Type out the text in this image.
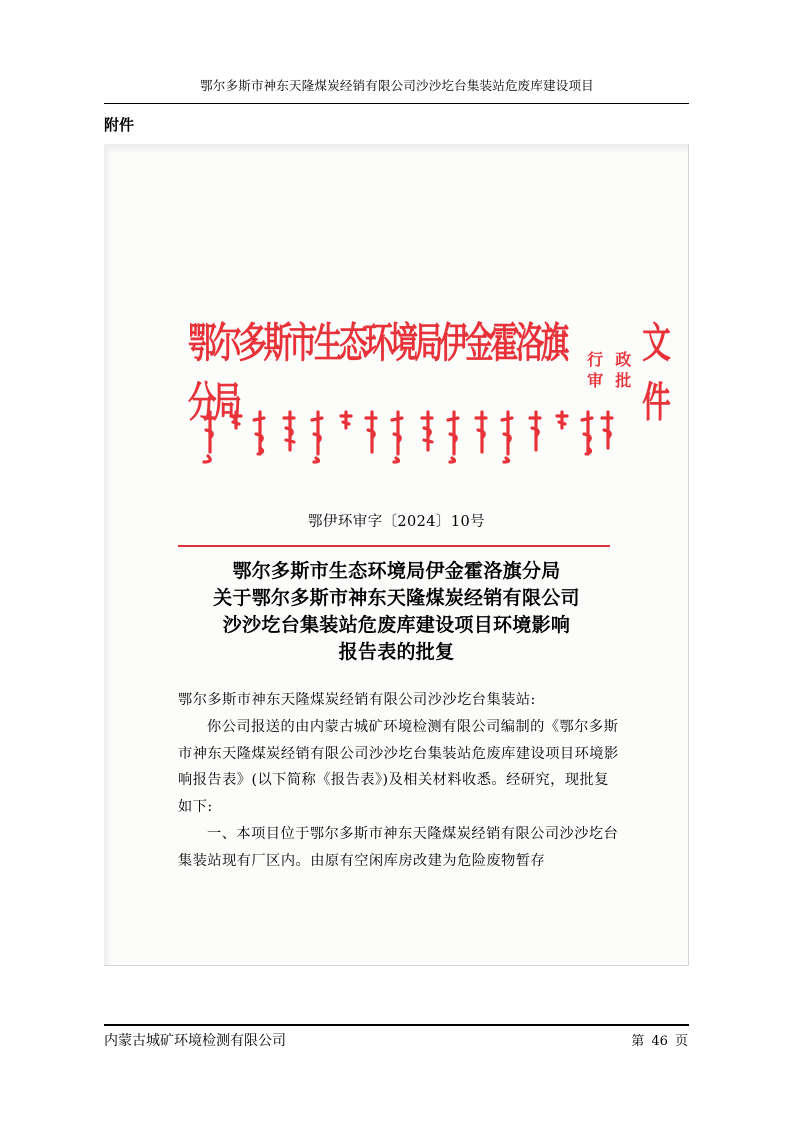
鄂尔多斯市神东天隆煤炭经销有限公司沙沙圪台集装站危废库建设项目
附件
鄂尔多斯市生态环境局伊金霍洛旗分局
行
审
政
批
文件
鄂伊环审字〔2024〕10号
鄂尔多斯市生态环境局伊金霍洛旗分局
关于鄂尔多斯市神东天隆煤炭经销有限公司
沙沙圪台集装站危废库建设项目环境影响
报告表的批复

鄂尔多斯市神东天隆煤炭经销有限公司沙沙圪台集装站:

你公司报送的由内蒙古城矿环境检测有限公司编制的《鄂尔多斯市神东天隆煤炭经销有限公司沙沙圪台集装站危废库建设项目环境影响报告表》(以下简称《报告表》)及相关材料收悉。经研究，现批复如下:

一、本项目位于鄂尔多斯市神东天隆煤炭经销有限公司沙沙圪台集装站现有厂区内。由原有空闲库房改建为危险废物暂存

内蒙古城矿环境检测有限公司	第 46 页
